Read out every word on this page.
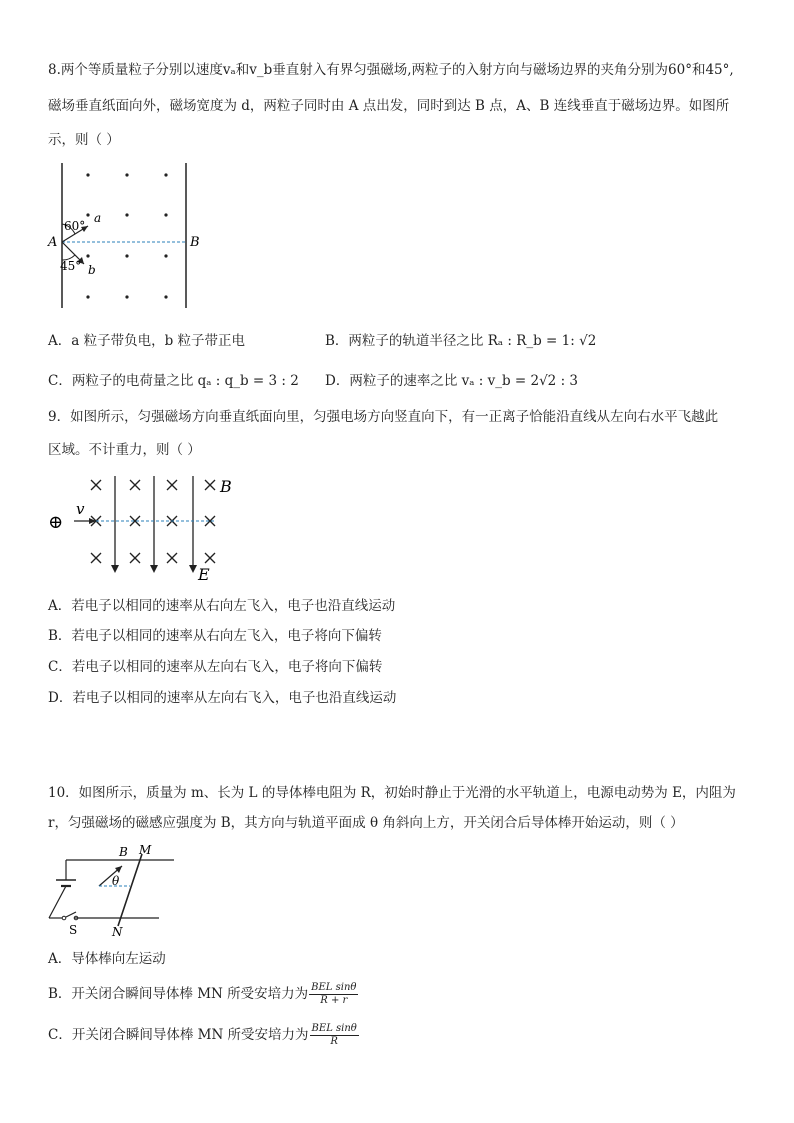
8.两个等质量粒子分别以速度vₐ和v_b垂直射入有界匀强磁场,两粒子的入射方向与磁场边界的夹角分别为60°和45°,
磁场垂直纸面向外，磁场宽度为 d，两粒子同时由 A 点出发，同时到达 B 点，A、B 连线垂直于磁场边界。如图所
示，则（ ）
60°
a
A	B
45° b
A．a 粒子带负电，b 粒子带正电	B．两粒子的轨道半径之比 Rₐ : R_b = 1: √2
C．两粒子的电荷量之比 qₐ : q_b = 3 : 2 D．两粒子的速率之比 vₐ : v_b = 2√2 : 3
9．如图所示，匀强磁场方向垂直纸面向里，匀强电场方向竖直向下，有一正离子恰能沿直线从左向右水平飞越此
区域。不计重力，则（ ）
⊕
v
B
E
A．若电子以相同的速率从右向左飞入，电子也沿直线运动
B．若电子以相同的速率从右向左飞入，电子将向下偏转
C．若电子以相同的速率从左向右飞入，电子将向下偏转
D．若电子以相同的速率从左向右飞入，电子也沿直线运动
10．如图所示，质量为 m、长为 L 的导体棒电阻为 R，初始时静止于光滑的水平轨道上，电源电动势为 E，内阻为
r，匀强磁场的磁感应强度为 B，其方向与轨道平面成 θ 角斜向上方，开关闭合后导体棒开始运动，则（ ）
B M
θ
S	N
A．导体棒向左运动
B．开关闭合瞬间导体棒 MN 所受安培力为 $\frac{\text{BEL sinθ}}{R + r}$
C．开关闭合瞬间导体棒 MN 所受安培力为 $\frac{\text{BEL sinθ}}{R}$
